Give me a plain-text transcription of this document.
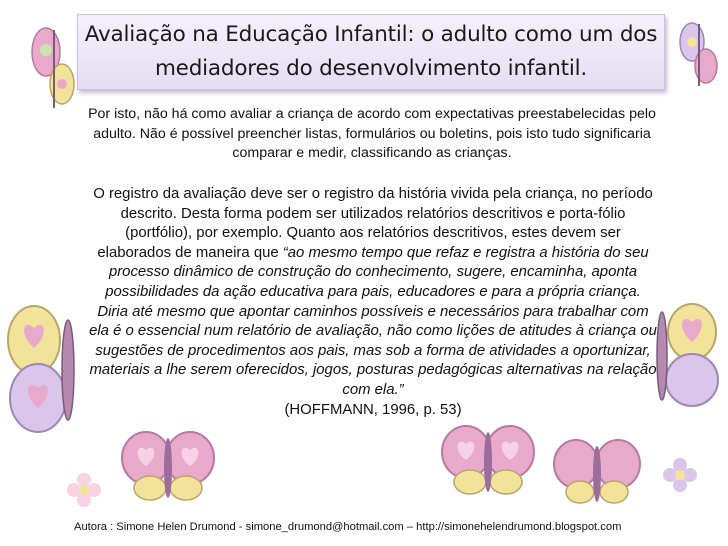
Avaliação na Educação Infantil: o adulto como um dos mediadores do desenvolvimento infantil.
Por isto, não há como avaliar a criança de acordo com expectativas preestabelecidas pelo adulto. Não é possível preencher listas, formulários ou boletins, pois isto tudo significaria comparar e medir, classificando as crianças.
O registro da avaliação deve ser o registro da história vivida pela criança, no período descrito. Desta forma podem ser utilizados relatórios descritivos e porta-fólio (portfólio), por exemplo. Quanto aos relatórios descritivos, estes devem ser elaborados de maneira que “ao mesmo tempo que refaz e registra a história do seu processo dinâmico de construção do conhecimento, sugere, encaminha, aponta possibilidades da ação educativa para pais, educadores e para a própria criança. Diria até mesmo que apontar caminhos possíveis e necessários para trabalhar com ela é o essencial num relatório de avaliação, não como lições de atitudes à criança ou sugestões de procedimentos aos pais, mas sob a forma de atividades a oportunizar, materiais a lhe serem oferecidos, jogos, posturas pedagógicas alternativas na relação com ela.”
(HOFFMANN, 1996, p. 53)
Autora : Simone Helen Drumond - simone_drumond@hotmail.com – http://simonehelendrumond.blogspot.com
